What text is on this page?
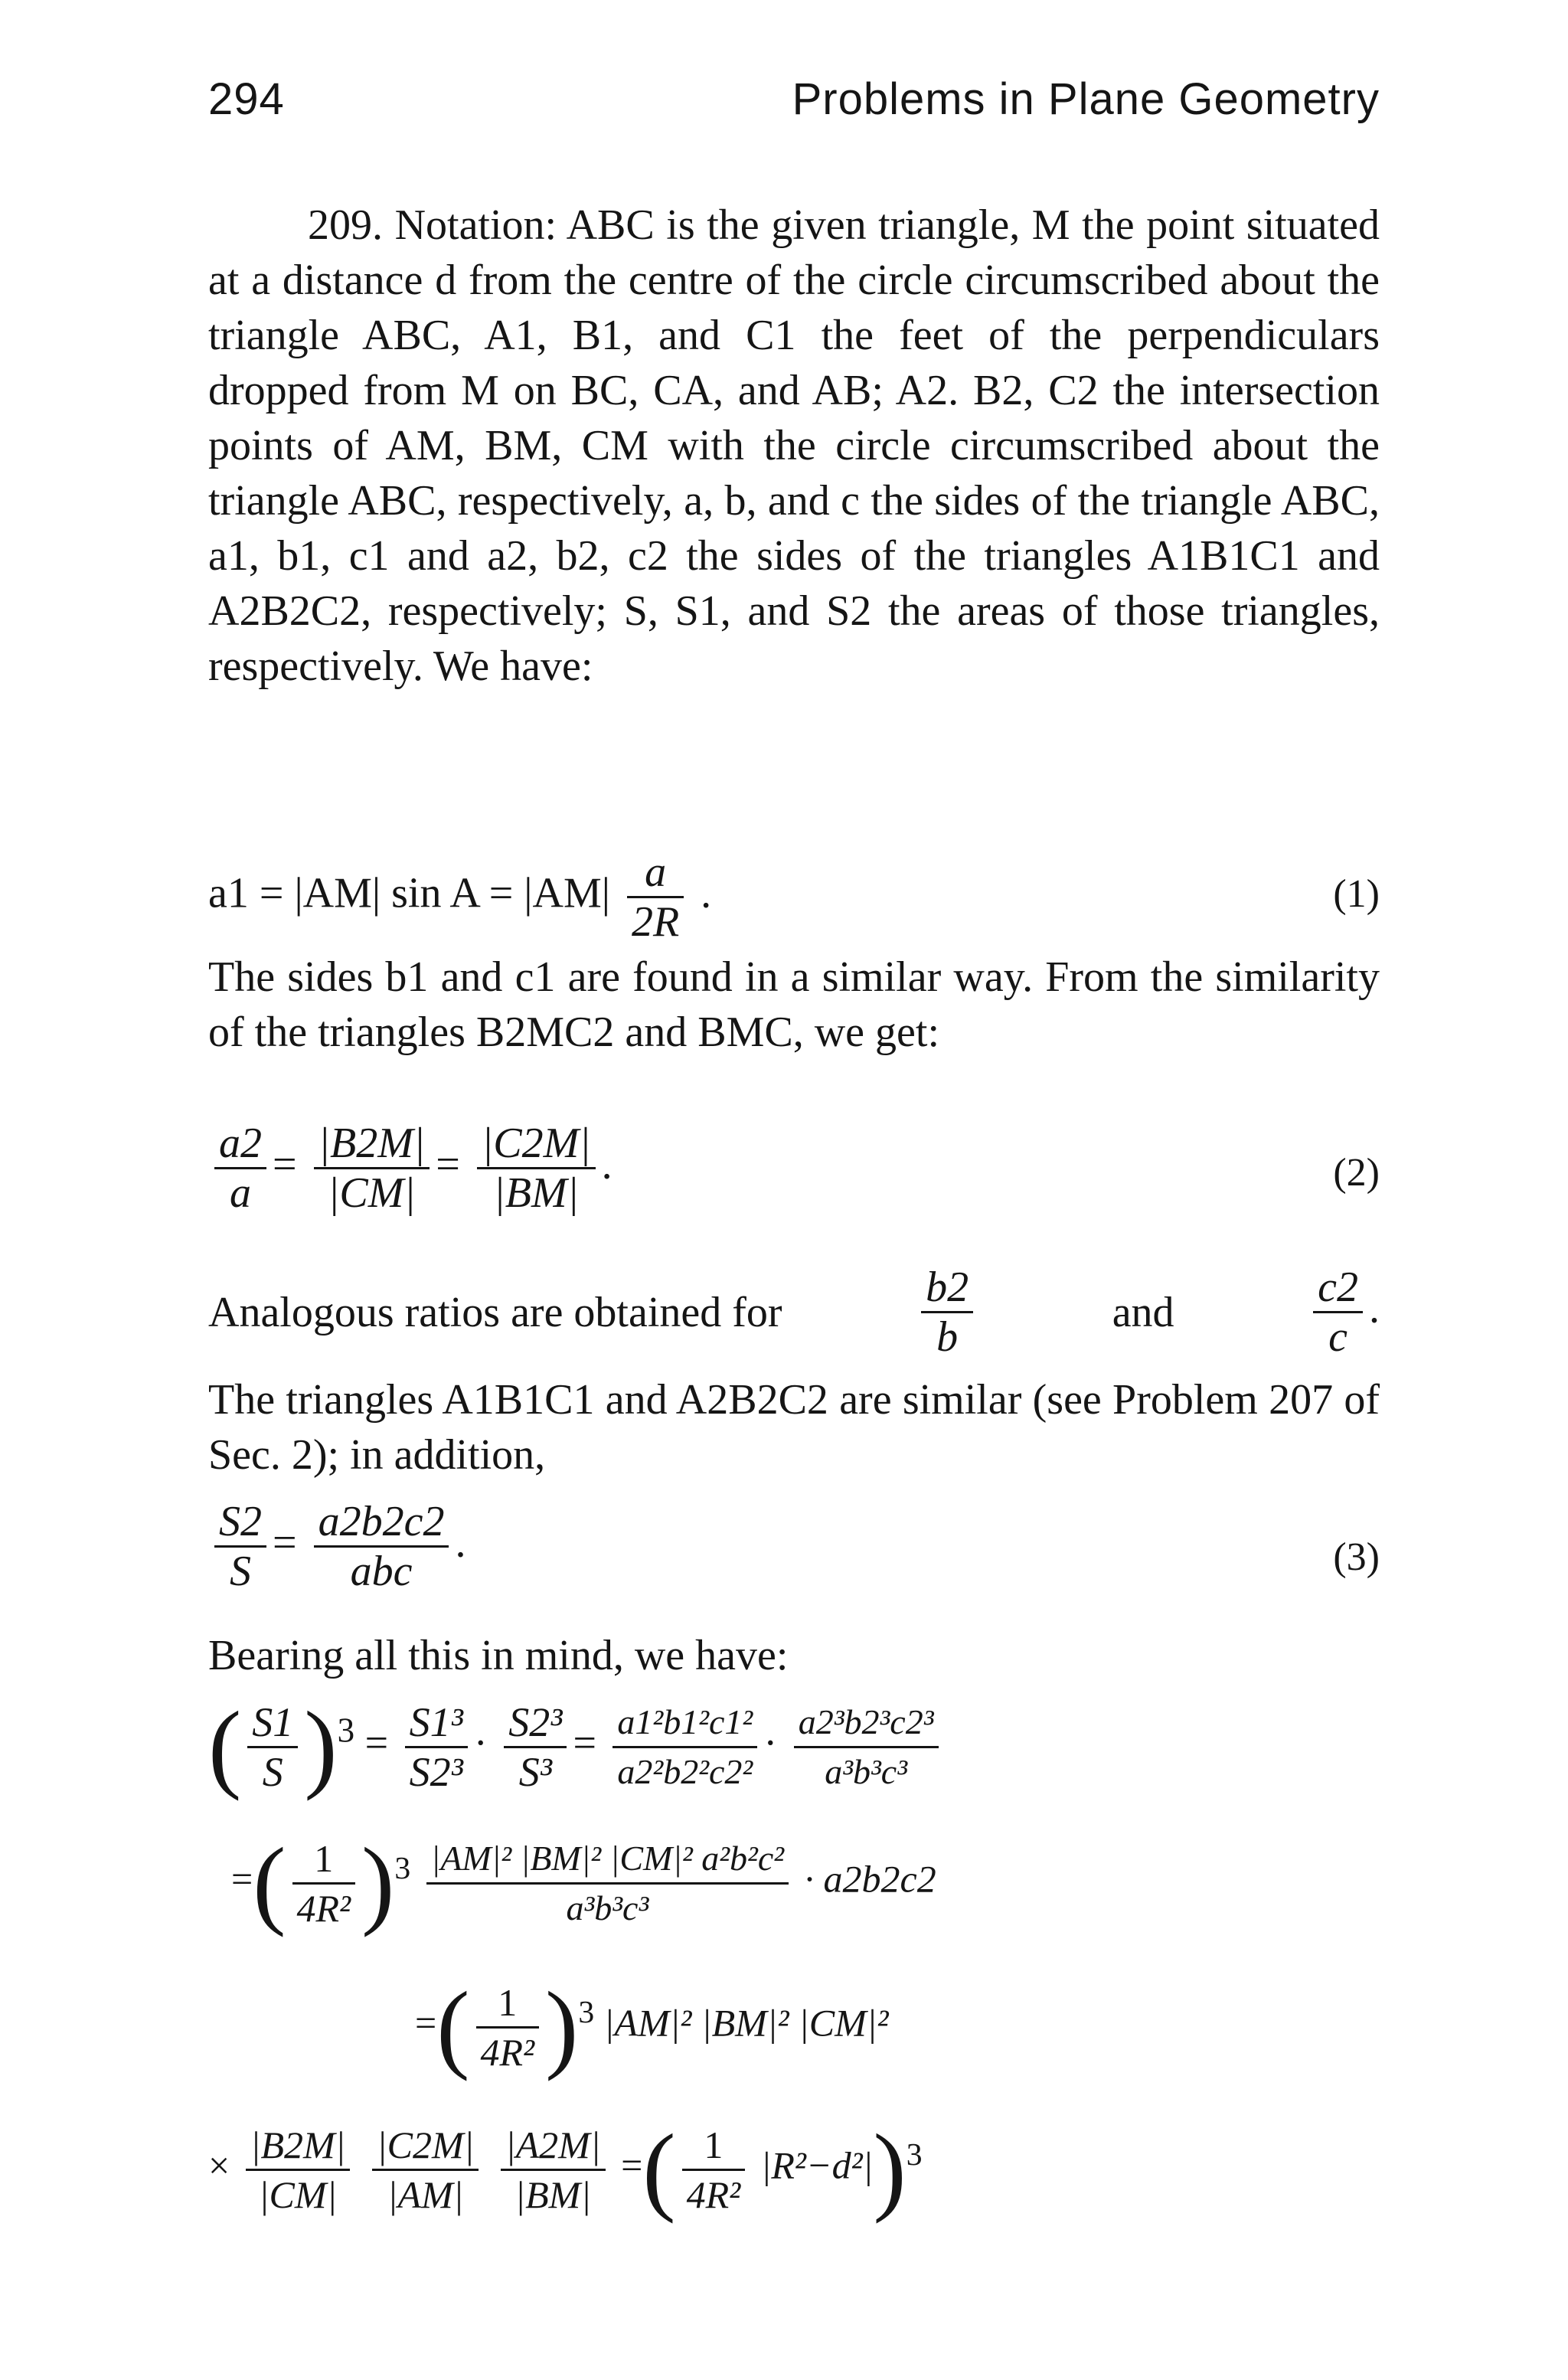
294	Problems in Plane Geometry

209. Notation: ABC is the given triangle, M the point situated at a distance d from the centre of the circle circumscribed about the triangle ABC, A1, B1, and C1 the feet of the perpendiculars dropped from M on BC, CA, and AB; A2. B2, C2 the intersection points of AM, BM, CM with the circle circumscribed about the triangle ABC, respectively, a, b, and c the sides of the triangle ABC, a1, b1, c1 and a2, b2, c2 the sides of the triangles A1B1C1 and A2B2C2, respectively; S, S1, and S2 the areas of those triangles, respectively. We have:

a1 = |AM| $\sin A = |AM| \frac{a}{2R}$ .	(1)

The sides b1 and c1 are found in a similar way. From the similarity of the triangles B2MC2 and BMC, we get:

$\frac{a2}{a} = \frac{|B2M|}{|CM|} = \frac{|C2M|}{|BM|}$ .	(2)
Analogous ratios are obtained for	$\frac{b2}{b}$	and	$\frac{c2}{c}$ .

The triangles A1B1C1 and A2B2C2 are similar (see Problem 207 of Sec. 2); in addition,

$\frac{S2}{S} = \frac{a2b2c2}{\text{abc}}$ .	(3)

Bearing all this in mind, we have:

( $\frac{S1}{S} )^3 = \frac{\text{S1³}}{\text{S2³}} \cdot \frac{\text{S2³}}{\text{S³}} = \frac{\text{a1²b1²c1²}}{\text{a2²b2²c2²}} \cdot \frac{\text{a2³b2³c2³}}{\text{a³b³c³}}$
=( $\frac{1}{\text{4R²}} )^3 \frac{\text{|AM|² |BM|² |CM|² a²b²c²}}{\text{a³b³c³}} \cdot a2b2c2$
=( $\frac{1}{\text{4R²}} )^3$ |AM|² |BM|² |CM|²
× $\frac{|B2M|}{|CM|}$
$\frac{|C2M|}{|AM|}$
$\frac{|A2M|}{|BM|}$ =( $\frac{1}{\text{4R²}} |R^2-d^2|)^3$
